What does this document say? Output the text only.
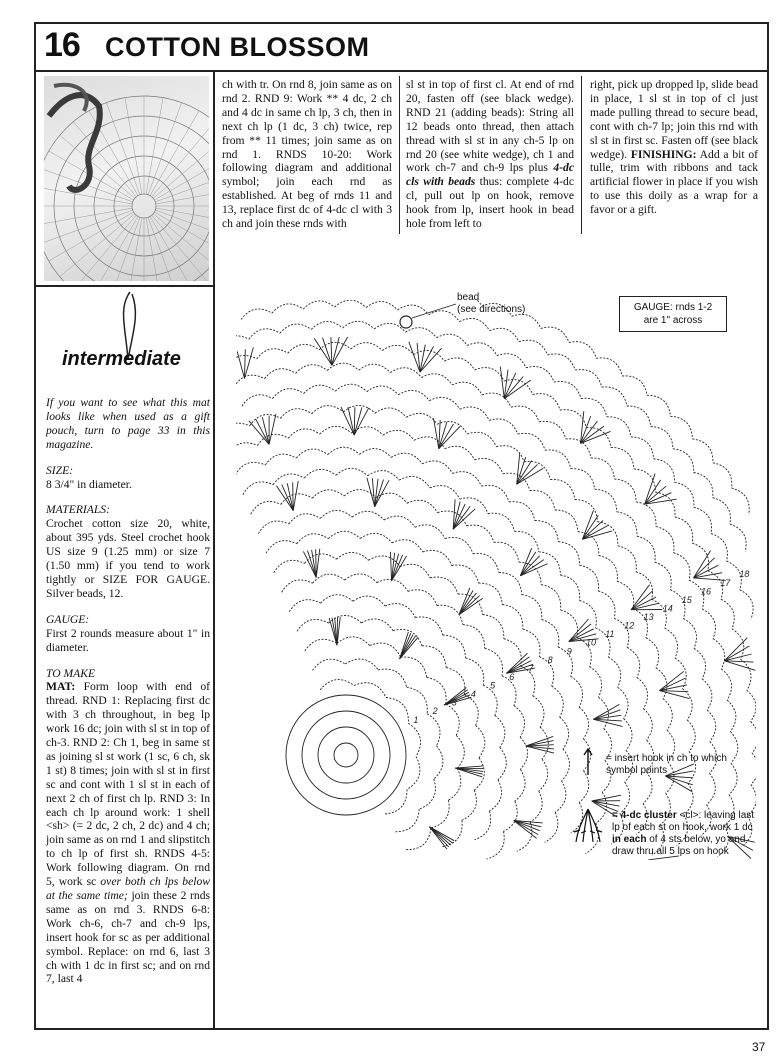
16 COTTON BLOSSOM
intermediate

If you want to see what this mat looks like when used as a gift pouch, turn to page 33 in this magazine.

SIZE:

8 3/4" in diameter.

MATERIALS:

Crochet cotton size 20, white, about 395 yds. Steel crochet hook US size 9 (1.25 mm) or size 7 (1.50 mm) if you tend to work tightly or SIZE FOR GAUGE. Silver beads, 12.

GAUGE:

First 2 rounds measure about 1" in diameter.

TO MAKE

MAT: Form loop with end of thread. RND 1: Replacing first dc with 3 ch throughout, in beg lp work 16 dc; join with sl st in top of ch-3. RND 2: Ch 1, beg in same st as joining sl st work (1 sc, 6 ch, sk 1 st) 8 times; join with sl st in first sc and cont with 1 sl st in each of next 2 ch of first ch lp. RND 3: In each ch lp around work: 1 shell <sh> (= 2 dc, 2 ch, 2 dc) and 4 ch; join same as on rnd 1 and slipstitch to ch lp of first sh. RNDS 4-5: Work following diagram. On rnd 5, work sc over both ch lps below at the same time; join these 2 rnds same as on rnd 3. RNDS 6-8: Work ch-6, ch-7 and ch-9 lps, insert hook for sc as per additional symbol. Replace: on rnd 6, last 3 ch with 1 dc in first sc; and on rnd 7, last 4

ch with tr. On rnd 8, join same as on rnd 2. RND 9: Work ** 4 dc, 2 ch and 4 dc in same ch lp, 3 ch, then in next ch lp (1 dc, 3 ch) twice, rep from ** 11 times; join same as on rnd 1. RNDS 10-20: Work following diagram and additional symbol; join each rnd as established. At beg of rnds 11 and 13, replace first dc of 4-dc cl with 3 ch and join these rnds with

sl st in top of first cl. At end of rnd 20, fasten off (see black wedge). RND 21 (adding beads): String all 12 beads onto thread, then attach thread with sl st in any ch-5 lp on rnd 20 (see white wedge), ch 1 and work ch-7 and ch-9 lps plus 4-dc cls with beads thus: complete 4-dc cl, pull out lp on hook, remove hook from lp, insert hook in bead hole from left to

right, pick up dropped lp, slide bead in place, 1 sl st in top of cl just made pulling thread to secure bead, cont with ch-7 lp; join this rnd with sl st in first sc. Fasten off (see black wedge). FINISHING: Add a bit of tulle, trim with ribbons and tack artificial flower in place if you wish to use this doily as a wrap for a favor or a gift.

1
2
3
4
5
6
7
8
9
10
11
12
13
14
15
16
17
18
bead
(see directions)	GAUGE: rnds 1-2
are 1" across
= insert hook in ch to which symbol points
= 4-dc cluster <cl>: leaving last lp of each st on hook, work 1 dc in each of 4 sts below, yo and draw thru all 5 lps on hook
37
